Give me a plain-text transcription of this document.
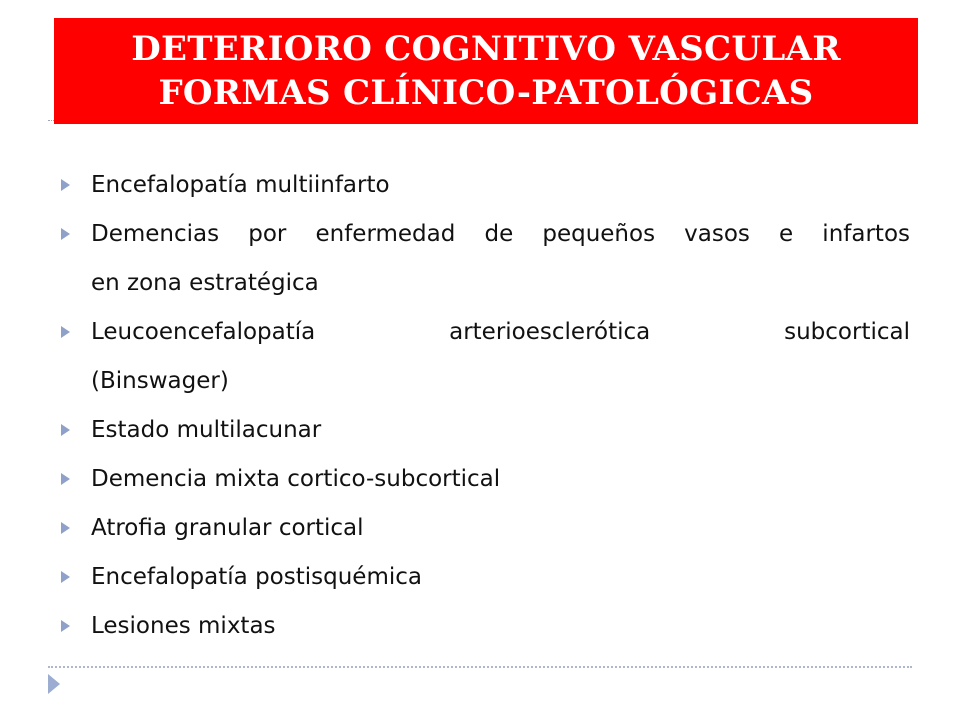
DETERIORO COGNITIVO VASCULAR
FORMAS CLÍNICO-PATOLÓGICAS
Encefalopatía multiinfarto
Demencias por enfermedad de pequeños vasos e infartos
en zona estratégica
Leucoencefalopatía arterioesclerótica subcortical
(Binswager)
Estado multilacunar
Demencia mixta cortico-subcortical
Atrofia granular cortical
Encefalopatía postisquémica
Lesiones mixtas
